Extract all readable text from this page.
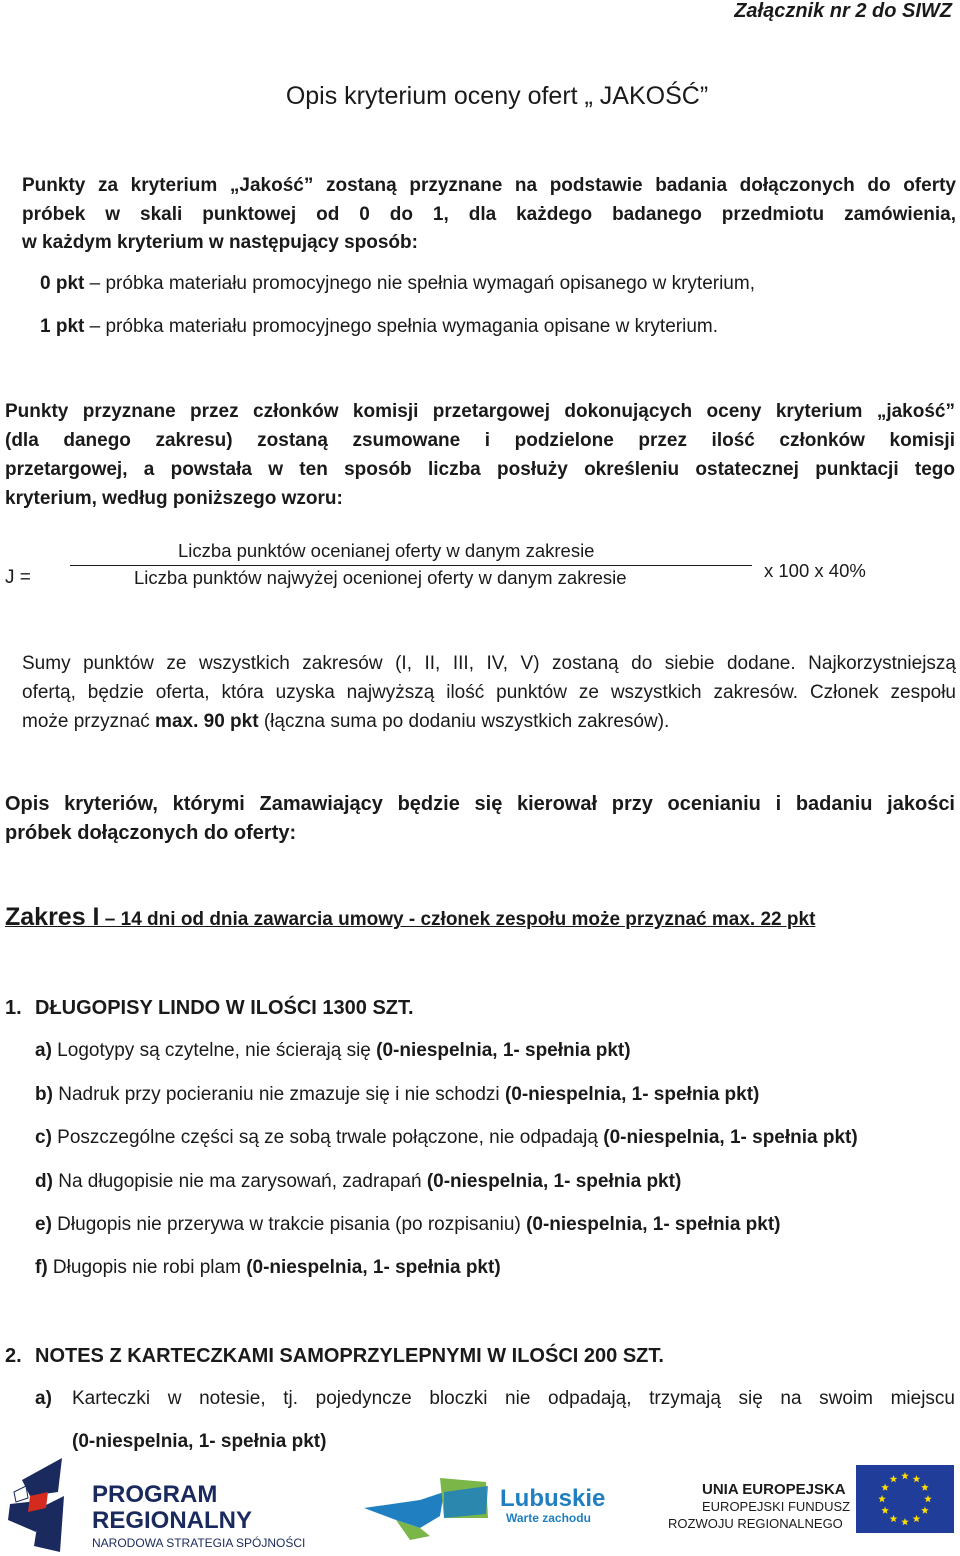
Załącznik nr 2 do SIWZ
Opis kryterium oceny ofert „ JAKOŚĆ”
Punkty za kryterium „Jakość” zostaną przyznane na podstawie badania dołączonych do oferty
próbek w skali punktowej od 0 do 1, dla każdego badanego przedmiotu zamówienia,
w każdym kryterium w następujący sposób:
0 pkt – próbka materiału promocyjnego nie spełnia wymagań opisanego w kryterium,
1 pkt – próbka materiału promocyjnego spełnia wymagania opisane w kryterium.
Punkty przyznane przez członków komisji przetargowej dokonujących oceny kryterium „jakość”
(dla danego zakresu) zostaną zsumowane i podzielone przez ilość członków komisji
przetargowej, a powstała w ten sposób liczba posłuży określeniu ostatecznej punktacji tego
kryterium, według poniższego wzoru:
Liczba punktów ocenianej oferty w danym zakresie
Liczba punktów najwyżej ocenionej oferty w danym zakresie
J =	x 100 x 40%
Sumy punktów ze wszystkich zakresów (I, II, III, IV, V) zostaną do siebie dodane. Najkorzystniejszą
ofertą, będzie oferta, która uzyska najwyższą ilość punktów ze wszystkich zakresów. Członek zespołu
może przyznać max. 90 pkt (łączna suma po dodaniu wszystkich zakresów).
Opis kryteriów, którymi Zamawiający będzie się kierował przy ocenianiu i badaniu jakości
próbek dołączonych do oferty:
Zakres I – 14 dni od dnia zawarcia umowy - członek zespołu może przyznać max. 22 pkt
1. DŁUGOPISY LINDO W ILOŚCI 1300 SZT.
a) Logotypy są czytelne, nie ścierają się (0-niespelnia, 1- spełnia pkt)
b) Nadruk przy pocieraniu nie zmazuje się i nie schodzi (0-niespelnia, 1- spełnia pkt)
c) Poszczególne części są ze sobą trwale połączone, nie odpadają (0-niespelnia, 1- spełnia pkt)
d) Na długopisie nie ma zarysowań, zadrapań (0-niespelnia, 1- spełnia pkt)
e) Długopis nie przerywa w trakcie pisania (po rozpisaniu) (0-niespelnia, 1- spełnia pkt)
f) Długopis nie robi plam (0-niespelnia, 1- spełnia pkt)
2. NOTES Z KARTECZKAMI SAMOPRZYLEPNYMI W ILOŚCI 200 SZT.
a) Karteczki w notesie, tj. pojedyncze bloczki nie odpadają, trzymają się na swoim miejscu
(0-niespelnia, 1- spełnia pkt)
PROGRAM
REGIONALNY
NARODOWA STRATEGIA SPÓJNOŚCI
Lubuskie
Warte zachodu
UNIA EUROPEJSKA
EUROPEJSKI FUNDUSZ
ROZWOJU REGIONALNEGO
